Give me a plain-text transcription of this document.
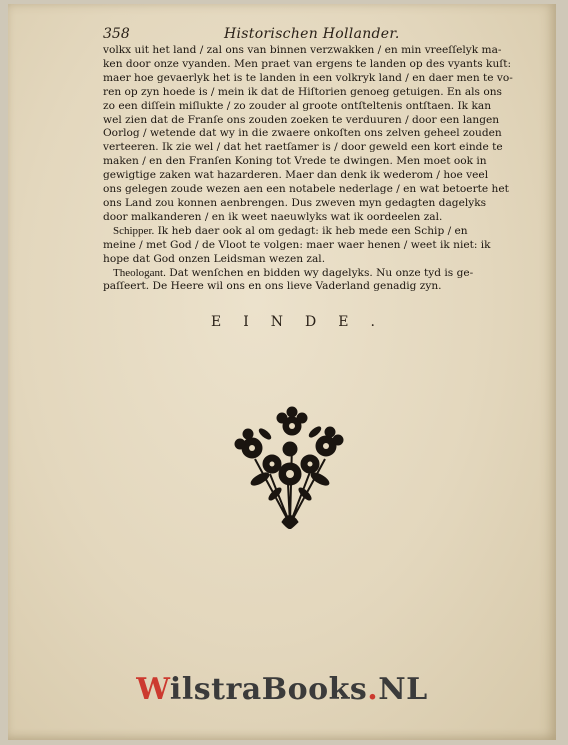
358	Historischen Hollander.
volkx uit het land / zal ons van binnen verzwakken / en min vreeſſelyk ma-
ken door onze vyanden. Men praet van ergens te landen op des vyants kuſt:
maer hoe gevaerlyk het is te landen in een volkryk land / en daer men te vo-
ren op zyn hoede is / mein ik dat de Hiſtorien genoeg getuigen. En als ons
zo een diſſein miſlukte / zo zouder al groote ontſteltenis ontſtaen. Ik kan
wel zien dat de Franſe ons zouden zoeken te verduuren / door een langen
Oorlog / wetende dat wy in die zwaere onkoſten ons zelven geheel zouden
verteeren. Ik zie wel / dat het raetſamer is / door geweld een kort einde te
maken / en den Franſen Koning tot Vrede te dwingen. Men moet ook in
gewigtige zaken wat hazarderen. Maer dan denk ik wederom / hoe veel
ons gelegen zoude wezen aen een notabele nederlage / en wat betoerte het
ons Land zou konnen aenbrengen. Dus zweven myn gedagten dagelyks
door malkanderen / en ik weet naeuwlyks wat ik oordeelen zal.
Schipper. Ik heb daer ook al om gedagt: ik heb mede een Schip / en
meine / met God / de Vloot te volgen: maer waer henen / weet ik niet: ik
hope dat God onzen Leidsman wezen zal.
Theologant. Dat wenſchen en bidden wy dagelyks. Nu onze tyd is ge-
paſſeert. De Heere wil ons en ons lieve Vaderland genadig zyn.
EINDE.
WilstraBooks.NL
